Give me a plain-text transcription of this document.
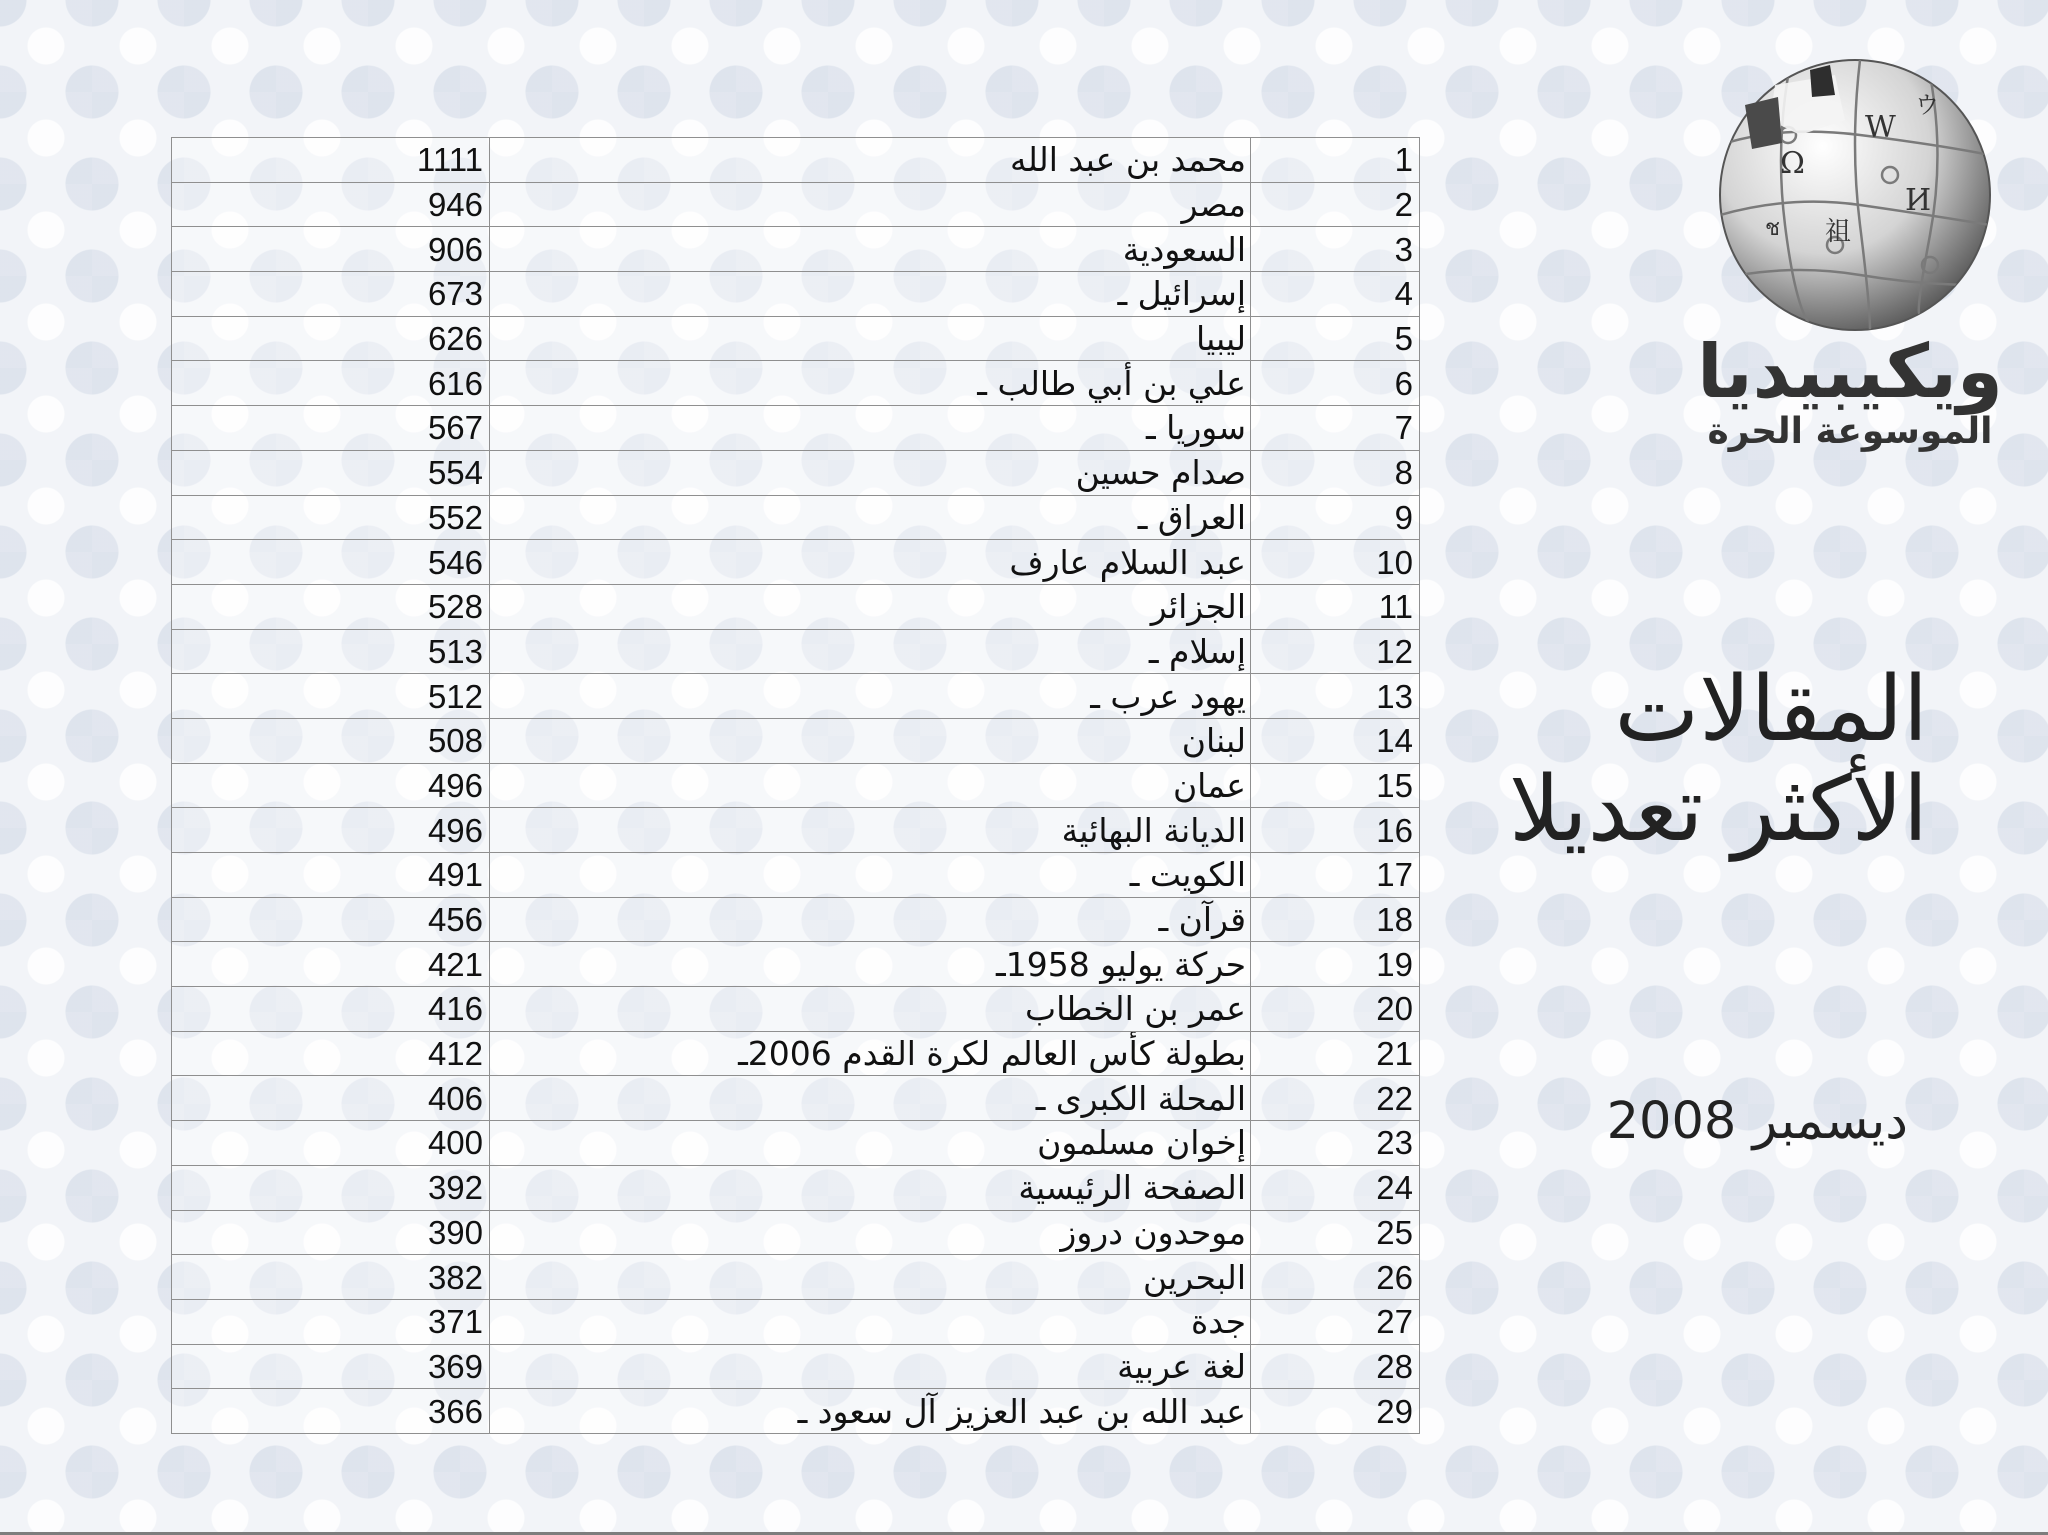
1111	محمد بن عبد الله	1
946	مصر	2
906	السعودية	3
673	إسرائيل ـ	4
626	ليبيا	5
616	علي بن أبي طالب ـ	6
567	سوريا ـ	7
554	صدام حسين	8
552	العراق ـ	9
546	عبد السلام عارف	10
528	الجزائر	11
513	إسلام ـ	12
512	يهود عرب ـ	13
508	لبنان	14
496	عمان	15
496	الديانة البهائية	16
491	الكويت ـ	17
456	قرآن ـ	18
421	حركة يوليو 1958ـ	19
416	عمر بن الخطاب	20
412	بطولة كأس العالم لكرة القدم 2006ـ	21
406	المحلة الكبرى ـ	22
400	إخوان مسلمون	23
392	الصفحة الرئيسية	24
390	موحدون دروز	25
382	البحرين	26
371	جدة	27
369	لغة عربية	28
366	عبد الله بن عبد العزيز آل سعود ـ	29
Ω
W
И
祖
ウ
ช
ويكيبيديا
الموسوعة الحرة
المقالات
الأكثر تعديلا
ديسمبر 2008
